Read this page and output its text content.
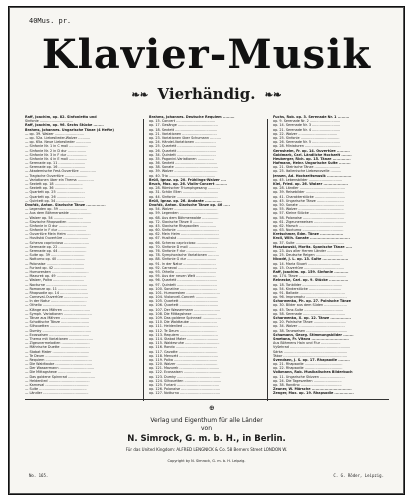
40Mus. pr.
Klavier-Musik
❧❧ Vierhändig. ❧❧
Raff, Joachim, op. 82. Sinfonietta und
Sinfonie ...............................
Raff, Joachim, op. 96. Sechs Stücke ........
Brahms, Johannes. Ungarische Tänze (4 Hefte)
— op. 39. Walzer ...........................
— op. 52a. Liebeslieder-Walzer ...........
— op. 65a. Neue Liebeslieder ..............
— Sinfonie Nr. 1 in C moll .................
— Sinfonie Nr. 2 in D dur .................
— Sinfonie Nr. 3 in F dur ..................
— Sinfonie Nr. 4 in E moll .................
— Serenade op. 11 .........................
— Serenade op. 16 .........................
— Akademische Fest-Ouvertüre ...............
— Tragische Ouvertüre .....................
— Variationen über ein Thema ...............
— Sextett op. 18 ..........................
— Sextett op. 36 ..........................
— Quartett op. 25 ..........................
— Quartett op. 26 ..........................
— Quintett op. 34 ..........................
Dvořák, Anton. Slavische Tänze ...............
— Legenden op. 59 ..........................
— Aus dem Böhmerwalde ....................
— Walzer op. 54 ...........................
— Slavische Rhapsodien ......................
— Sinfonie in D dur ..........................
— Sinfonie in F dur ..........................
— Ouvertüre Mein Heim ......................
— Husitská Ouvertüre .......................
— Scherzo capriccioso .......................
— Serenade op. 22 ..........................
— Serenade op. 44 ..........................
— Suite op. 39 ...............................
— Notturno op. 40 ..........................
— Polonaise ...................................
— Furiant op. 42 ............................
— Humoresken ..................................
— Mazurek op. 49 ...........................
— Walzer, Polka .............................
— Nocturne ......................................
— Romanze op. 11 ...........................
— Rhapsodie op. 14 ..........................
— Carneval-Ouvertüre ......................
— In der Natur .................................
— Othello ........................................
— Klänge aus Mähren .........................
— Symph. Variationen ..........................
— Tänze aus Mähren ..........................
— Schottische Tänze ..........................
— Silhouetten ....................................
— Dumky .............................................
— Ecossaisen .....................................
— Thema mit Variationen ......................
— Zigeunermelodien ..........................
— Mährische Duette ...........................
— Stabat Mater ..................................
— Te Deum ........................................
— Requiem ...........................................
— Die Waldtaube ..................................
— Der Wassermann ................................
— Die Mittagshexe ...............................
— Das goldene Spinnrad .........................
— Heldenlied ......................................
— Karneval ........................................
— Suite ............................................
— Ländler ..........................................
Brahms, Johannes. Deutsche Requiem .........
op. 15. Concert ....................................
op. 17. Gesänge .....................................
op. 18. Sextett .......................................
op. 21. Variationen ................................
op. 23. Variationen über Schumann ..........
op. 24. Händel-Variationen ...................
op. 25. Quartett ....................................
op. 26. Quartett ....................................
op. 34. Quintett ....................................
op. 35. Paganini-Variationen ...............
op. 36. Sextett .......................................
op. 38. Sonate ........................................
op. 39. Walzer ........................................
op. 40. Trio ...........................................
Brüll, Ignaz. op. 20. Frühlings-Walzer ....
Bruch, Max. op. 26. Violin-Concert .........
op. 28. Römischer Triumphgesang ...........
op. 31. Schön Ellen .................................
op. 44. Sinfonie ......................................
Brüll, Ignaz. op. 26. Andante .............
Dvořák, Anton. Slavische Tänze op. 46 .....
op. 54. Walzer ........................................
op. 59. Legenden ....................................
op. 68. Aus dem Böhmerwalde ...............
op. 72. Slavische Tänze II ...................
op. 45. Slavische Rhapsodien ...............
op. 60. Sinfonie .......................................
op. 62. Mein Heim ...................................
op. 67. Husitská .......................................
op. 66. Scherzo capriccioso ....................
op. 70. Sinfonie D moll ..........................
op. 76. Sinfonie F dur ...........................
op. 78. Symphonische Variationen ..........
op. 88. Sinfonie G dur ...........................
op. 91. In der Natur ..............................
op. 92. Carneval ....................................
op. 93. Othello ......................................
op. 95. Aus der neuen Welt ..................
op. 96. Quartett .....................................
op. 97. Quintett .....................................
op. 100. Sonatine ..................................
op. 101. Humoresken ...............................
op. 104. Violoncell-Concert ....................
op. 105. Quartett ....................................
op. 106. Quartett ....................................
op. 107. Der Wassermann ........................
op. 108. Die Mittagshexe .......................
op. 109. Das goldene Spinnrad .................
op. 110. Die Waldtaube .........................
op. 111. Heldenlied ................................
op. 112. Te Deum ..................................
op. 113. Requiem ...................................
op. 114. Stabat Mater .............................
op. 115. Waldesruhe ................................
op. 116. Rondo ......................................
op. 117. Gavotte ....................................
op. 118. Menuett ....................................
op. 119. Polka ........................................
op. 120. Walzer ......................................
op. 121. Mazurek .....................................
op. 122. Ecossaisen ...................................
op. 123. Dumky ........................................
op. 124. Silhouetten ..................................
op. 125. Furiant .......................................
op. 126. Polonaise ....................................
op. 127. Notturno .....................................
Fuchs, Rob. op. 3. Serenade Nr. 1 .........
op. 9. Serenade Nr. 2 ............................
op. 14. Serenade Nr. 3 ..........................
op. 21. Serenade Nr. 4 ..........................
op. 22. Walzer ....................................
op. 25. Sinfonie ....................................
op. 26. Serenade Nr. 5 ..........................
op. 28. Miniaturen .................................
Gernsheim, Fr. op. 14. Ouvertüre ..........
Goldmark, Carl. Ländliche Hochzeit ........
Heuberger, Rich. op. 15. Tänze ..............
Hofmann, Heinr. Ungarische Suite .........
op. 21. Steirische Tänze ........................
op. 25. Italienische Liebesnovelle ..........
Jensen, Ad. Hochzeitsmusik ...................
op. 45. Lebensbilder ...............................
Kiel, Fried. op. 26. Walzer ...................
op. 28. Ländler ..........................................
op. 39. Reisebilder ....................................
op. 41. Charakterstücke ............................
op. 45. Ungarische Tänze .........................
op. 50. Sonate ..........................................
op. 55. Walzer ..........................................
op. 57. Kleine Stücke .................................
op. 58. Polonaise ......................................
op. 61. Zigeunerweisen ..............................
op. 62. Marsch .........................................
op. 63. Nocturno ......................................
Kretschmer, Edm. Tänze ..................
Kroll, Wilh. Sonate ...............................
op. 37. Suite .............................................
Moszkowski, Moritz. Spanische Tänze .....
op. 23. Aus aller Herren Länder ..............
op. 25. Deutsche Reigen .........................
Nicodé, J. L. op. 13. Suite ....................
op. 14. Maria Stuart ..............................
op. 15. Ouvertüre .....................................
Raff, Joachim. op. 159. Sinfonie ...........
op. 174. Tänze ............................................
Reinecke, Carl. op. 9. Stücke ...............
op. 18. Tonbilder .....................................
op. 54. Kinderstücke ..............................
op. 91. Ballade ..........................................
op. 96. Impromptu ......................................
Scharwenka, Ph. op. 27. Polnische Tänze
op. 30. Bilder aus dem Süden .....................
op. 45. Tanz-Suite ....................................
op. 58. Serenade .......................................
Scharwenka, X. op. 12. Tänze ................
op. 20. Polnische Tänze ..............................
op. 34. Walzer ...........................................
op. 38. Tanzweisen ......................................
Schumann, Georg. Stimmungsbilder ........
Smetana, Fr. Vltava .............................
Aus Böhmens Hain und Flur ..................
Vyšehrad ........................................................
Šárka ...........................................................
Tábor ...........................................................
Svendsen, J. S. op. 17. Rhapsodie .........
op. 21. Rhapsodie ...................................
op. 22. Rhapsodie ...................................
Volkmann, Rob. Musikalisches Bilderbuch
op. 11. Ungarische Skizzen .......................
op. 24. Die Tageszeiten ..........................
op. 38. Rondino ......................................
Zeuner, W. Märsche ...............................
Zenger, Max. op. 19. Rhapsodie ...............
⊕
Verlag und Eigenthum für alle Länder
von
N. Simrock, G. m. b. H., in Berlin.
Für das United Kingdom: ALFRED LENGNICK & Co. 58 Berners Street LONDON W.
Copyright by N. Simrock, G. m. b. H. Leipzig.
No. 165.	C. G. Röder, Leipzig.
